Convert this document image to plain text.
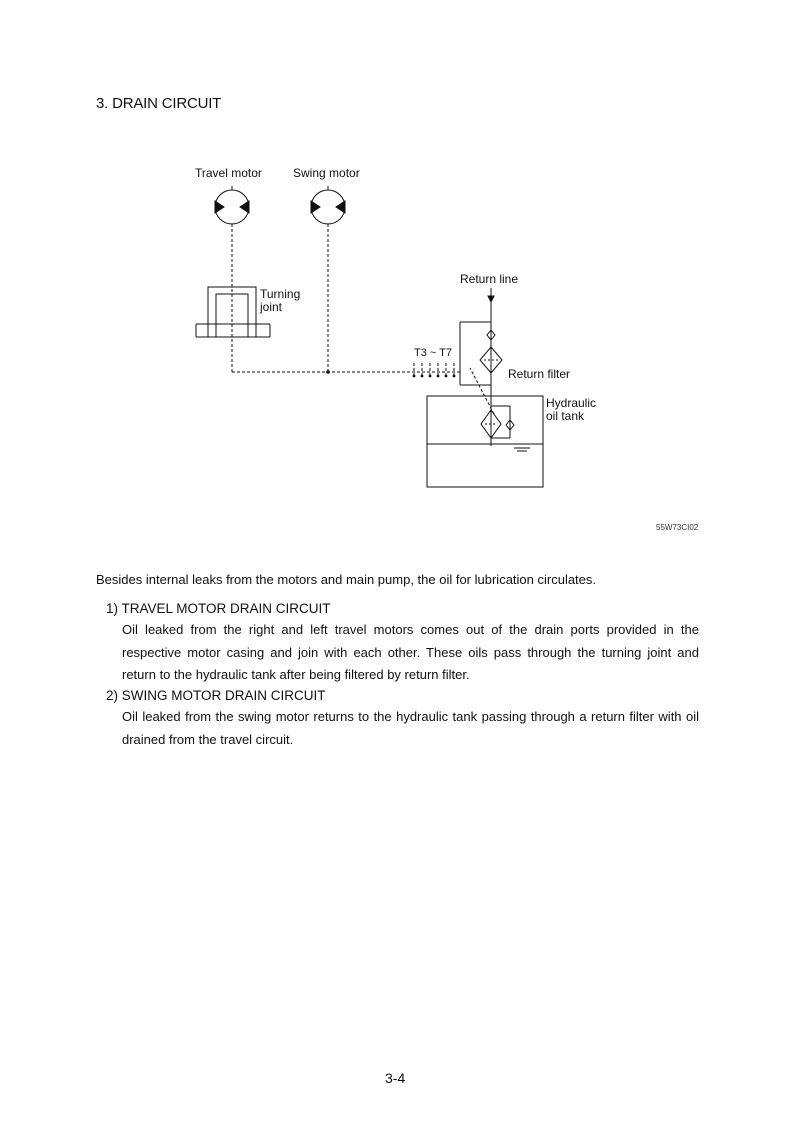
3. DRAIN CIRCUIT
Travel motor	Swing motor
Turning
joint
Return line
T3 ~ T7
Return filter
Hydraulic
oil tank
55W73CI02
Besides internal leaks from the motors and main pump, the oil for lubrication circulates.
1) TRAVEL MOTOR DRAIN CIRCUIT
Oil leaked from the right and left travel motors comes out of the drain ports provided in the respective motor casing and join with each other. These oils pass through the turning joint and return to the hydraulic tank after being filtered by return filter.
2) SWING MOTOR DRAIN CIRCUIT
Oil leaked from the swing motor returns to the hydraulic tank passing through a return filter with oil drained from the travel circuit.
3-4
